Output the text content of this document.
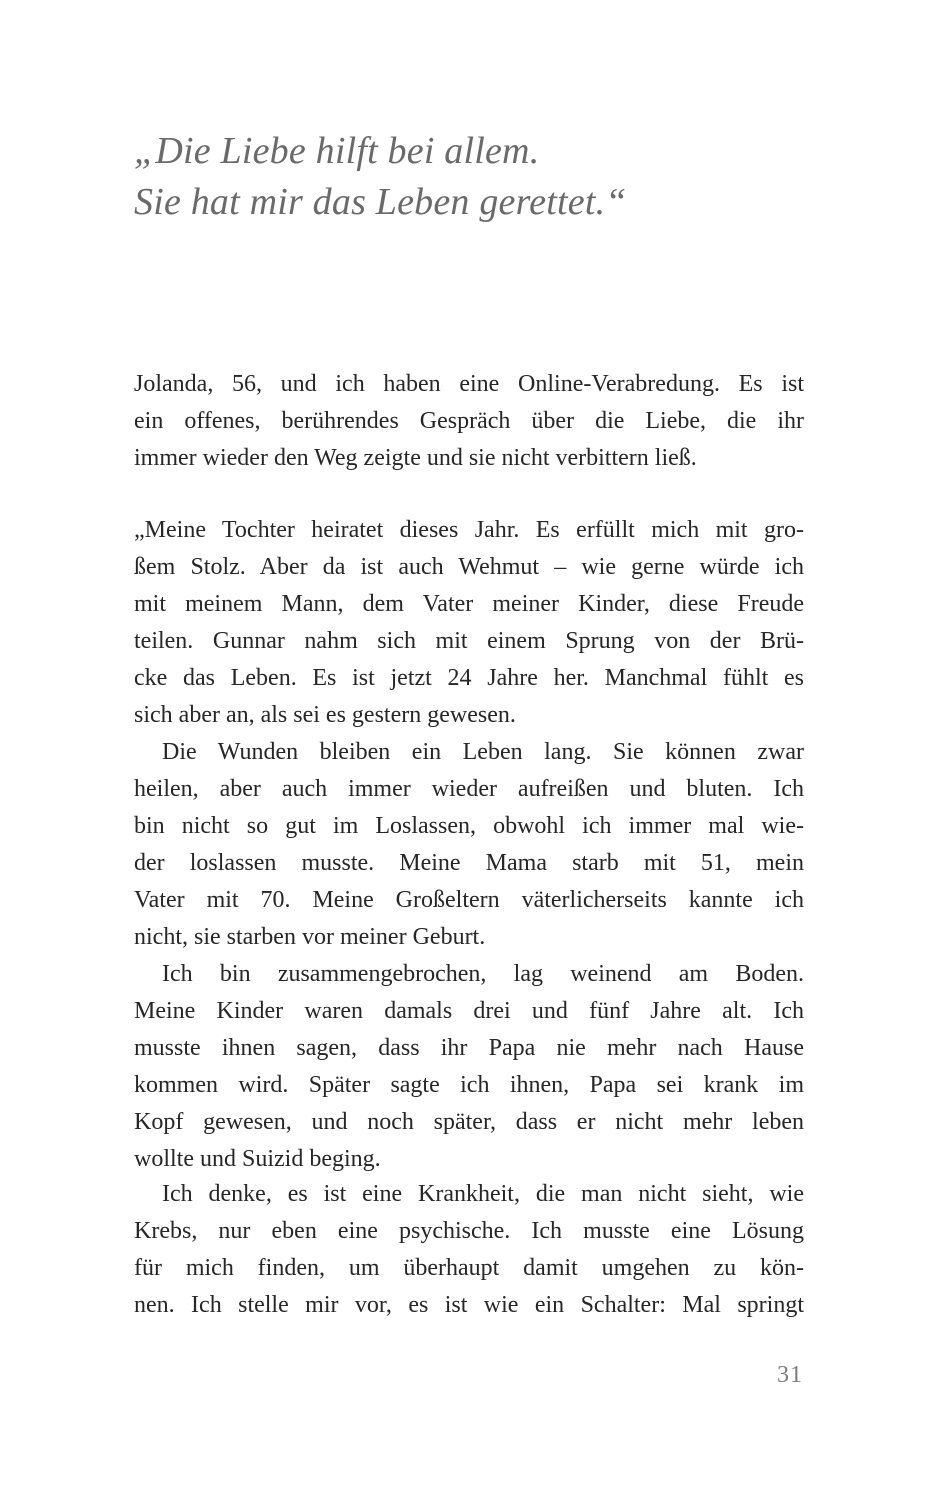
„Die Liebe hilft bei allem.
Sie hat mir das Leben gerettet.“
Jolanda, 56, und ich haben eine Online-Verabredung. Es ist
ein offenes, berührendes Gespräch über die Liebe, die ihr
immer wieder den Weg zeigte und sie nicht verbittern ließ.
„Meine Tochter heiratet dieses Jahr. Es erfüllt mich mit gro-
ßem Stolz. Aber da ist auch Wehmut – wie gerne würde ich
mit meinem Mann, dem Vater meiner Kinder, diese Freude
teilen. Gunnar nahm sich mit einem Sprung von der Brü-
cke das Leben. Es ist jetzt 24 Jahre her. Manchmal fühlt es
sich aber an, als sei es gestern gewesen.
Die Wunden bleiben ein Leben lang. Sie können zwar
heilen, aber auch immer wieder aufreißen und bluten. Ich
bin nicht so gut im Loslassen, obwohl ich immer mal wie-
der loslassen musste. Meine Mama starb mit 51, mein
Vater mit 70. Meine Großeltern väterlicherseits kannte ich
nicht, sie starben vor meiner Geburt.
Ich bin zusammengebrochen, lag weinend am Boden.
Meine Kinder waren damals drei und fünf Jahre alt. Ich
musste ihnen sagen, dass ihr Papa nie mehr nach Hause
kommen wird. Später sagte ich ihnen, Papa sei krank im
Kopf gewesen, und noch später, dass er nicht mehr leben
wollte und Suizid beging.
Ich denke, es ist eine Krankheit, die man nicht sieht, wie
Krebs, nur eben eine psychische. Ich musste eine Lösung
für mich finden, um überhaupt damit umgehen zu kön-
nen. Ich stelle mir vor, es ist wie ein Schalter: Mal springt
31
